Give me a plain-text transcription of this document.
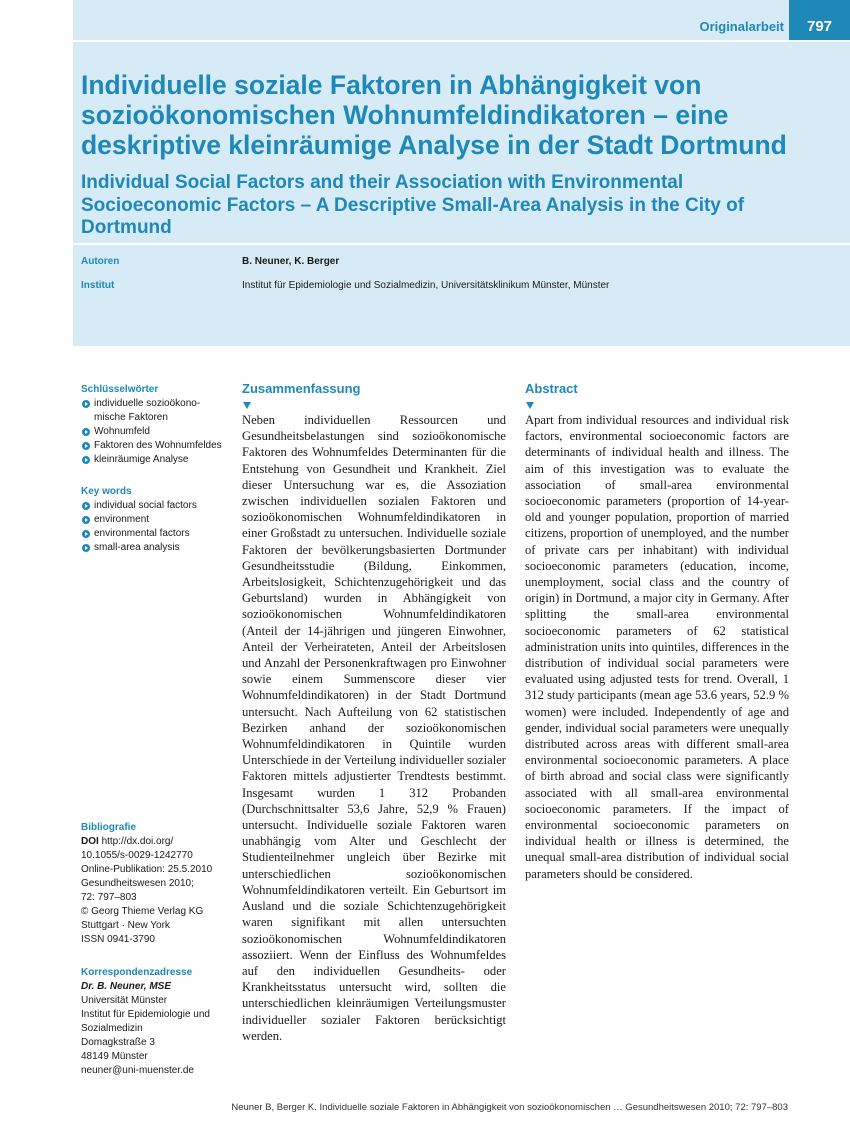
Originalarbeit	797
Individuelle soziale Faktoren in Abhängigkeit von sozioökonomischen Wohnumfeldindikatoren – eine deskriptive kleinräumige Analyse in der Stadt Dortmund
Individual Social Factors and their Association with Environmental Socioeconomic Factors – A Descriptive Small-Area Analysis in the City of Dortmund
Autoren	B. Neuner, K. Berger
Institut	Institut für Epidemiologie und Sozialmedizin, Universitätsklinikum Münster, Münster
Schlüsselwörter
individuelle sozioökono-mische Faktoren
Wohnumfeld
Faktoren des Wohnumfeldes
kleinräumige Analyse
Key words
individual social factors
environment
environmental factors
small-area analysis
Bibliografie
DOI http://dx.doi.org/
10.1055/s-0029-1242770
Online-Publikation: 25.5.2010
Gesundheitswesen 2010;
72: 797–803
© Georg Thieme Verlag KG
Stuttgart · New York
ISSN 0941-3790
Korrespondenzadresse
Dr. B. Neuner, MSE
Universität Münster
Institut für Epidemiologie und
Sozialmedizin
Domagkstraße 3
48149 Münster
neuner@uni-muenster.de
Zusammenfassung

Neben individuellen Ressourcen und Gesundheitsbelastungen sind sozioökonomische Faktoren des Wohnumfeldes Determinanten für die Entstehung von Gesundheit und Krankheit. Ziel dieser Untersuchung war es, die Assoziation zwischen individuellen sozialen Faktoren und sozioökonomischen Wohnumfeldindikatoren in einer Großstadt zu untersuchen. Individuelle soziale Faktoren der bevölkerungsbasierten Dortmunder Gesundheitsstudie (Bildung, Einkommen, Arbeitslosigkeit, Schichtenzugehörigkeit und das Geburtsland) wurden in Abhängigkeit von sozioökonomischen Wohnumfeldindikatoren (Anteil der 14-jährigen und jüngeren Einwohner, Anteil der Verheirateten, Anteil der Arbeitslosen und Anzahl der Personenkraftwagen pro Einwohner sowie einem Summenscore dieser vier Wohnumfeldindikatoren) in der Stadt Dortmund untersucht. Nach Aufteilung von 62 statistischen Bezirken anhand der sozioökonomischen Wohnumfeldindikatoren in Quintile wurden Unterschiede in der Verteilung individueller sozialer Faktoren mittels adjustierter Trendtests bestimmt. Insgesamt wurden 1 312 Probanden (Durchschnittsalter 53,6 Jahre, 52,9 % Frauen) untersucht. Individuelle soziale Faktoren waren unabhängig vom Alter und Geschlecht der Studienteilnehmer ungleich über Bezirke mit unterschiedlichen sozioökonomischen Wohnumfeldindikatoren verteilt. Ein Geburtsort im Ausland und die soziale Schichtenzugehörigkeit waren signifikant mit allen untersuchten sozioökonomischen Wohnumfeldindikatoren assoziiert. Wenn der Einfluss des Wohnumfeldes auf den individuellen Gesundheits- oder Krankheitsstatus untersucht wird, sollten die unterschiedlichen kleinräumigen Verteilungsmuster individueller sozialer Faktoren berücksichtigt werden.

Abstract

Apart from individual resources and individual risk factors, environmental socioeconomic factors are determinants of individual health and illness. The aim of this investigation was to evaluate the association of small-area environmental socioeconomic parameters (proportion of 14-year-old and younger population, proportion of married citizens, proportion of unemployed, and the number of private cars per inhabitant) with individual socioeconomic parameters (education, income, unemployment, social class and the country of origin) in Dortmund, a major city in Germany. After splitting the small-area environmental socioeconomic parameters of 62 statistical administration units into quintiles, differences in the distribution of individual social parameters were evaluated using adjusted tests for trend. Overall, 1 312 study participants (mean age 53.6 years, 52.9 % women) were included. Independently of age and gender, individual social parameters were unequally distributed across areas with different small-area environmental socioeconomic parameters. A place of birth abroad and social class were significantly associated with all small-area environmental socioeconomic parameters. If the impact of environmental socioeconomic parameters on individual health or illness is determined, the unequal small-area distribution of individual social parameters should be considered.

Neuner B, Berger K. Individuelle soziale Faktoren in Abhängigkeit von sozioökonomischen … Gesundheitswesen 2010; 72: 797–803
